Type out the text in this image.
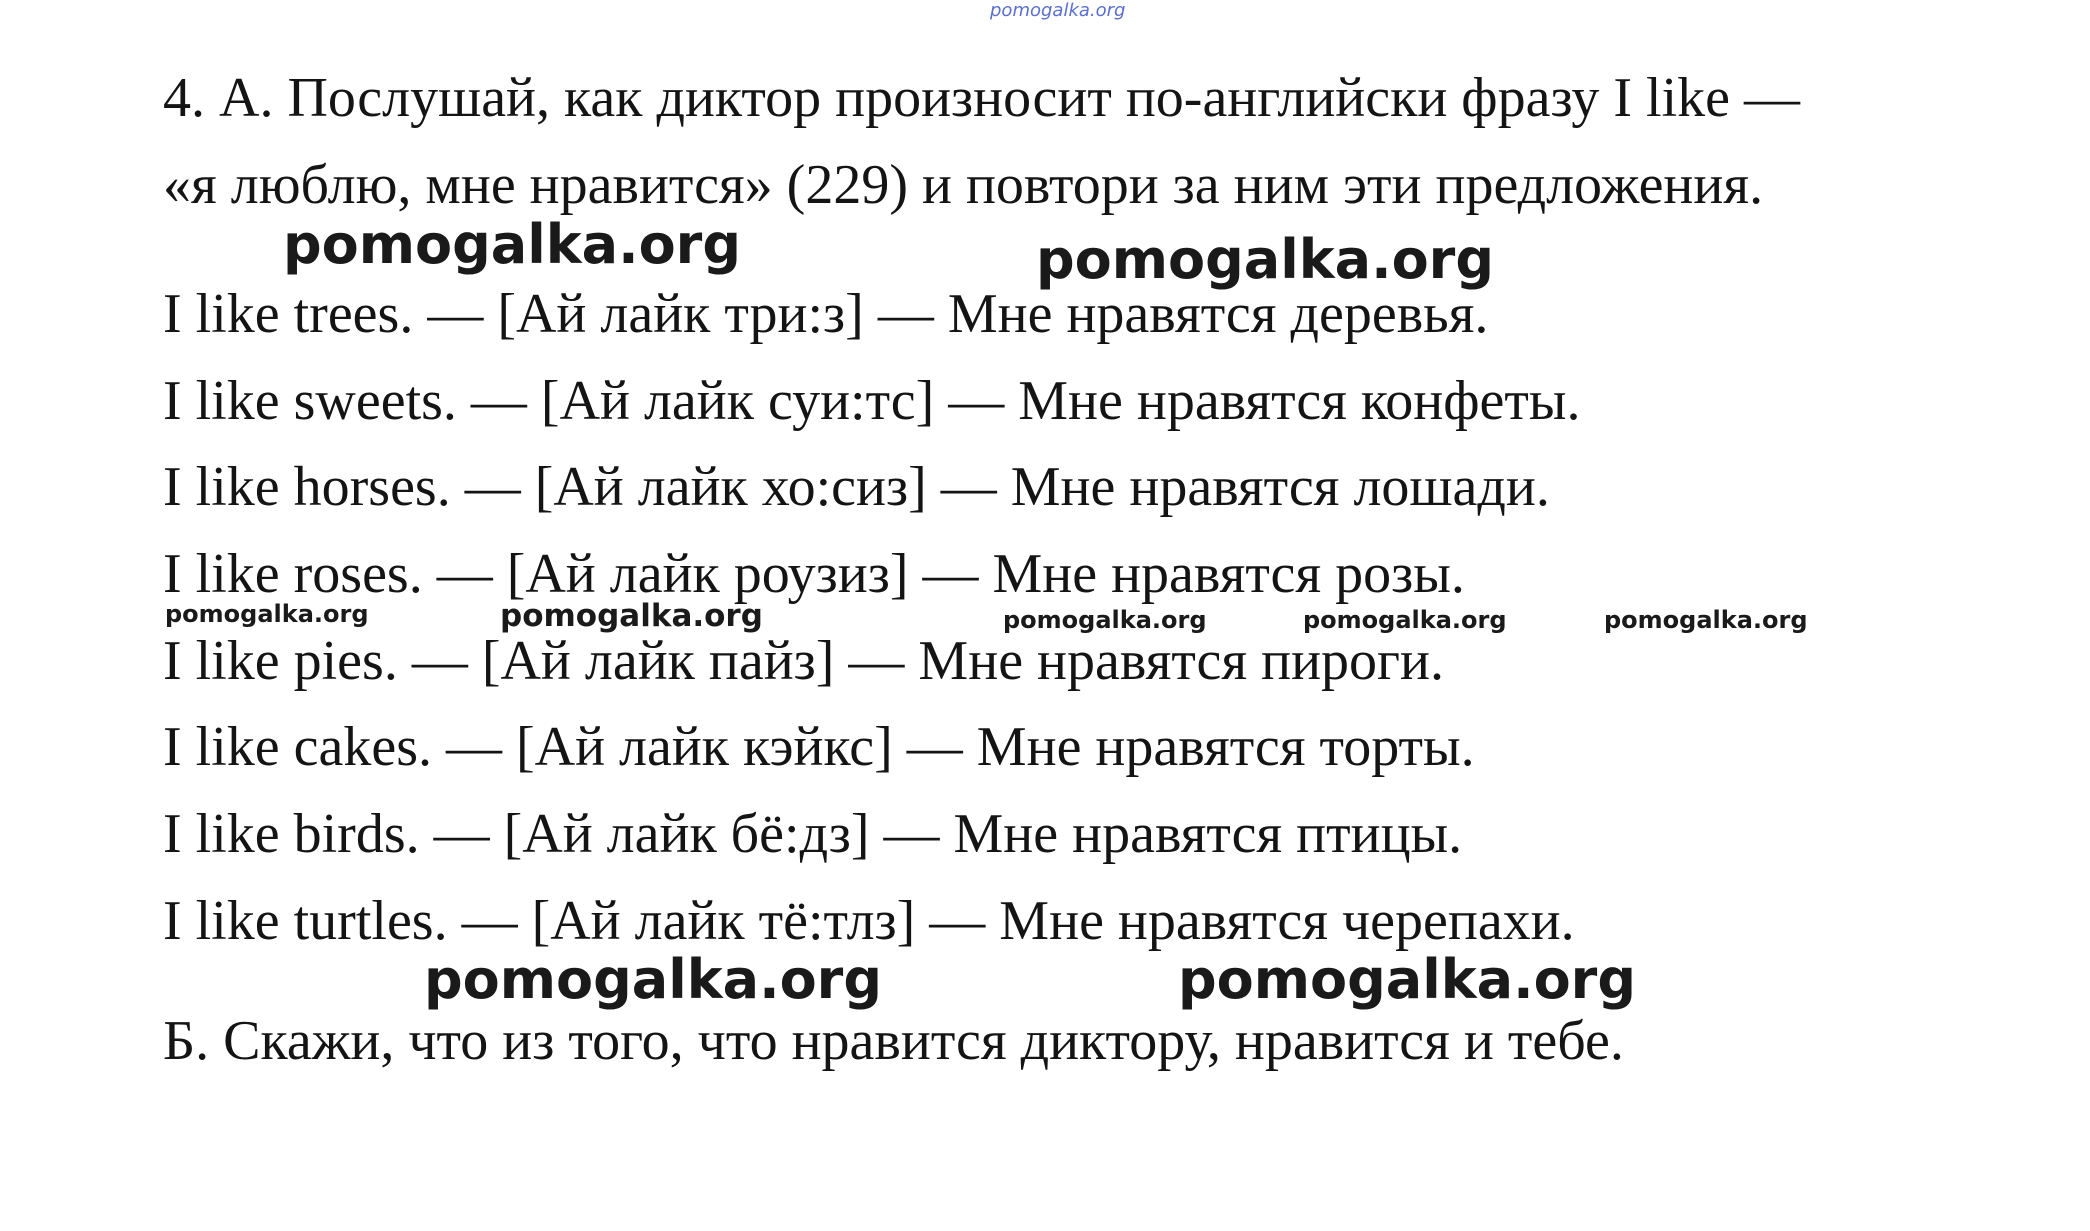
pomogalka.org
4. А. Послушай, как диктор произносит по-английски фразу I like —
«я люблю, мне нравится» (229) и повтори за ним эти предложения.
pomogalka.org	pomogalka.org
I like trees. — [Ай лайк три:з] — Мне нравятся деревья.
I like sweets. — [Ай лайк суи:тс] — Мне нравятся конфеты.
I like horses. — [Ай лайк хо:сиз] — Мне нравятся лошади.
I like roses. — [Ай лайк роузиз] — Мне нравятся розы.
pomogalka.org	pomogalka.org	pomogalka.org	pomogalka.org	pomogalka.org
I like pies. — [Ай лайк пайз] — Мне нравятся пироги.
I like cakes. — [Ай лайк кэйкс] — Мне нравятся торты.
I like birds. — [Ай лайк бё:дз] — Мне нравятся птицы.
I like turtles. — [Ай лайк тё:тлз] — Мне нравятся черепахи.
pomogalka.org	pomogalka.org
Б. Скажи, что из того, что нравится диктору, нравится и тебе.
